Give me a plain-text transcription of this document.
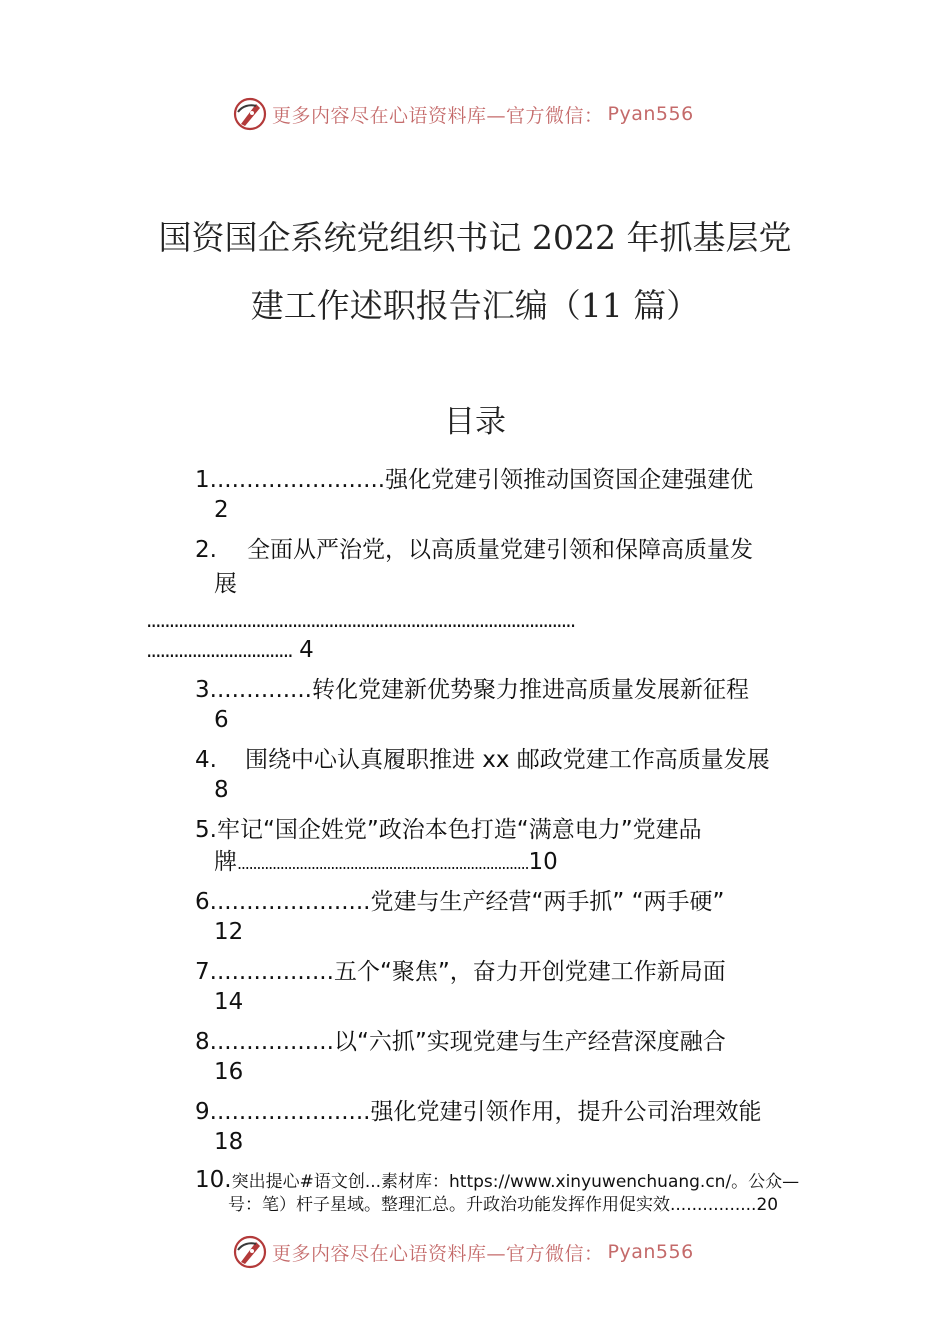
更多内容尽在心语资料库—官方微信： Pyan556
国资国企系统党组织书记 2022 年抓基层党
建工作述职报告汇编（11 篇）
目录
1........................强化党建引领推动国资国企建强建优
2
2. 全面从严治党，以高质量党建引领和保障高质量发
展
..............................................................................................
................................ 4
3..............转化党建新优势聚力推进高质量发展新征程
6
4. 围绕中心认真履职推进 xx 邮政党建工作高质量发展
8
5.牢记“国企姓党”政治本色打造“满意电力”党建品
牌...........................................................................10
6......................党建与生产经营“两手抓” “两手硬”
12
7.................五个“聚焦”，奋力开创党建工作新局面
14
8.................以“六抓”实现党建与生产经营深度融合
16
9......................强化党建引领作用，提升公司治理效能
18
10.突出提心#语文创...素材库：https://www.xinyuwenchuang.cn/。公众—
号：笔）杆子星域。整理汇总。升政治功能发挥作用促实效................20
更多内容尽在心语资料库—官方微信： Pyan556
